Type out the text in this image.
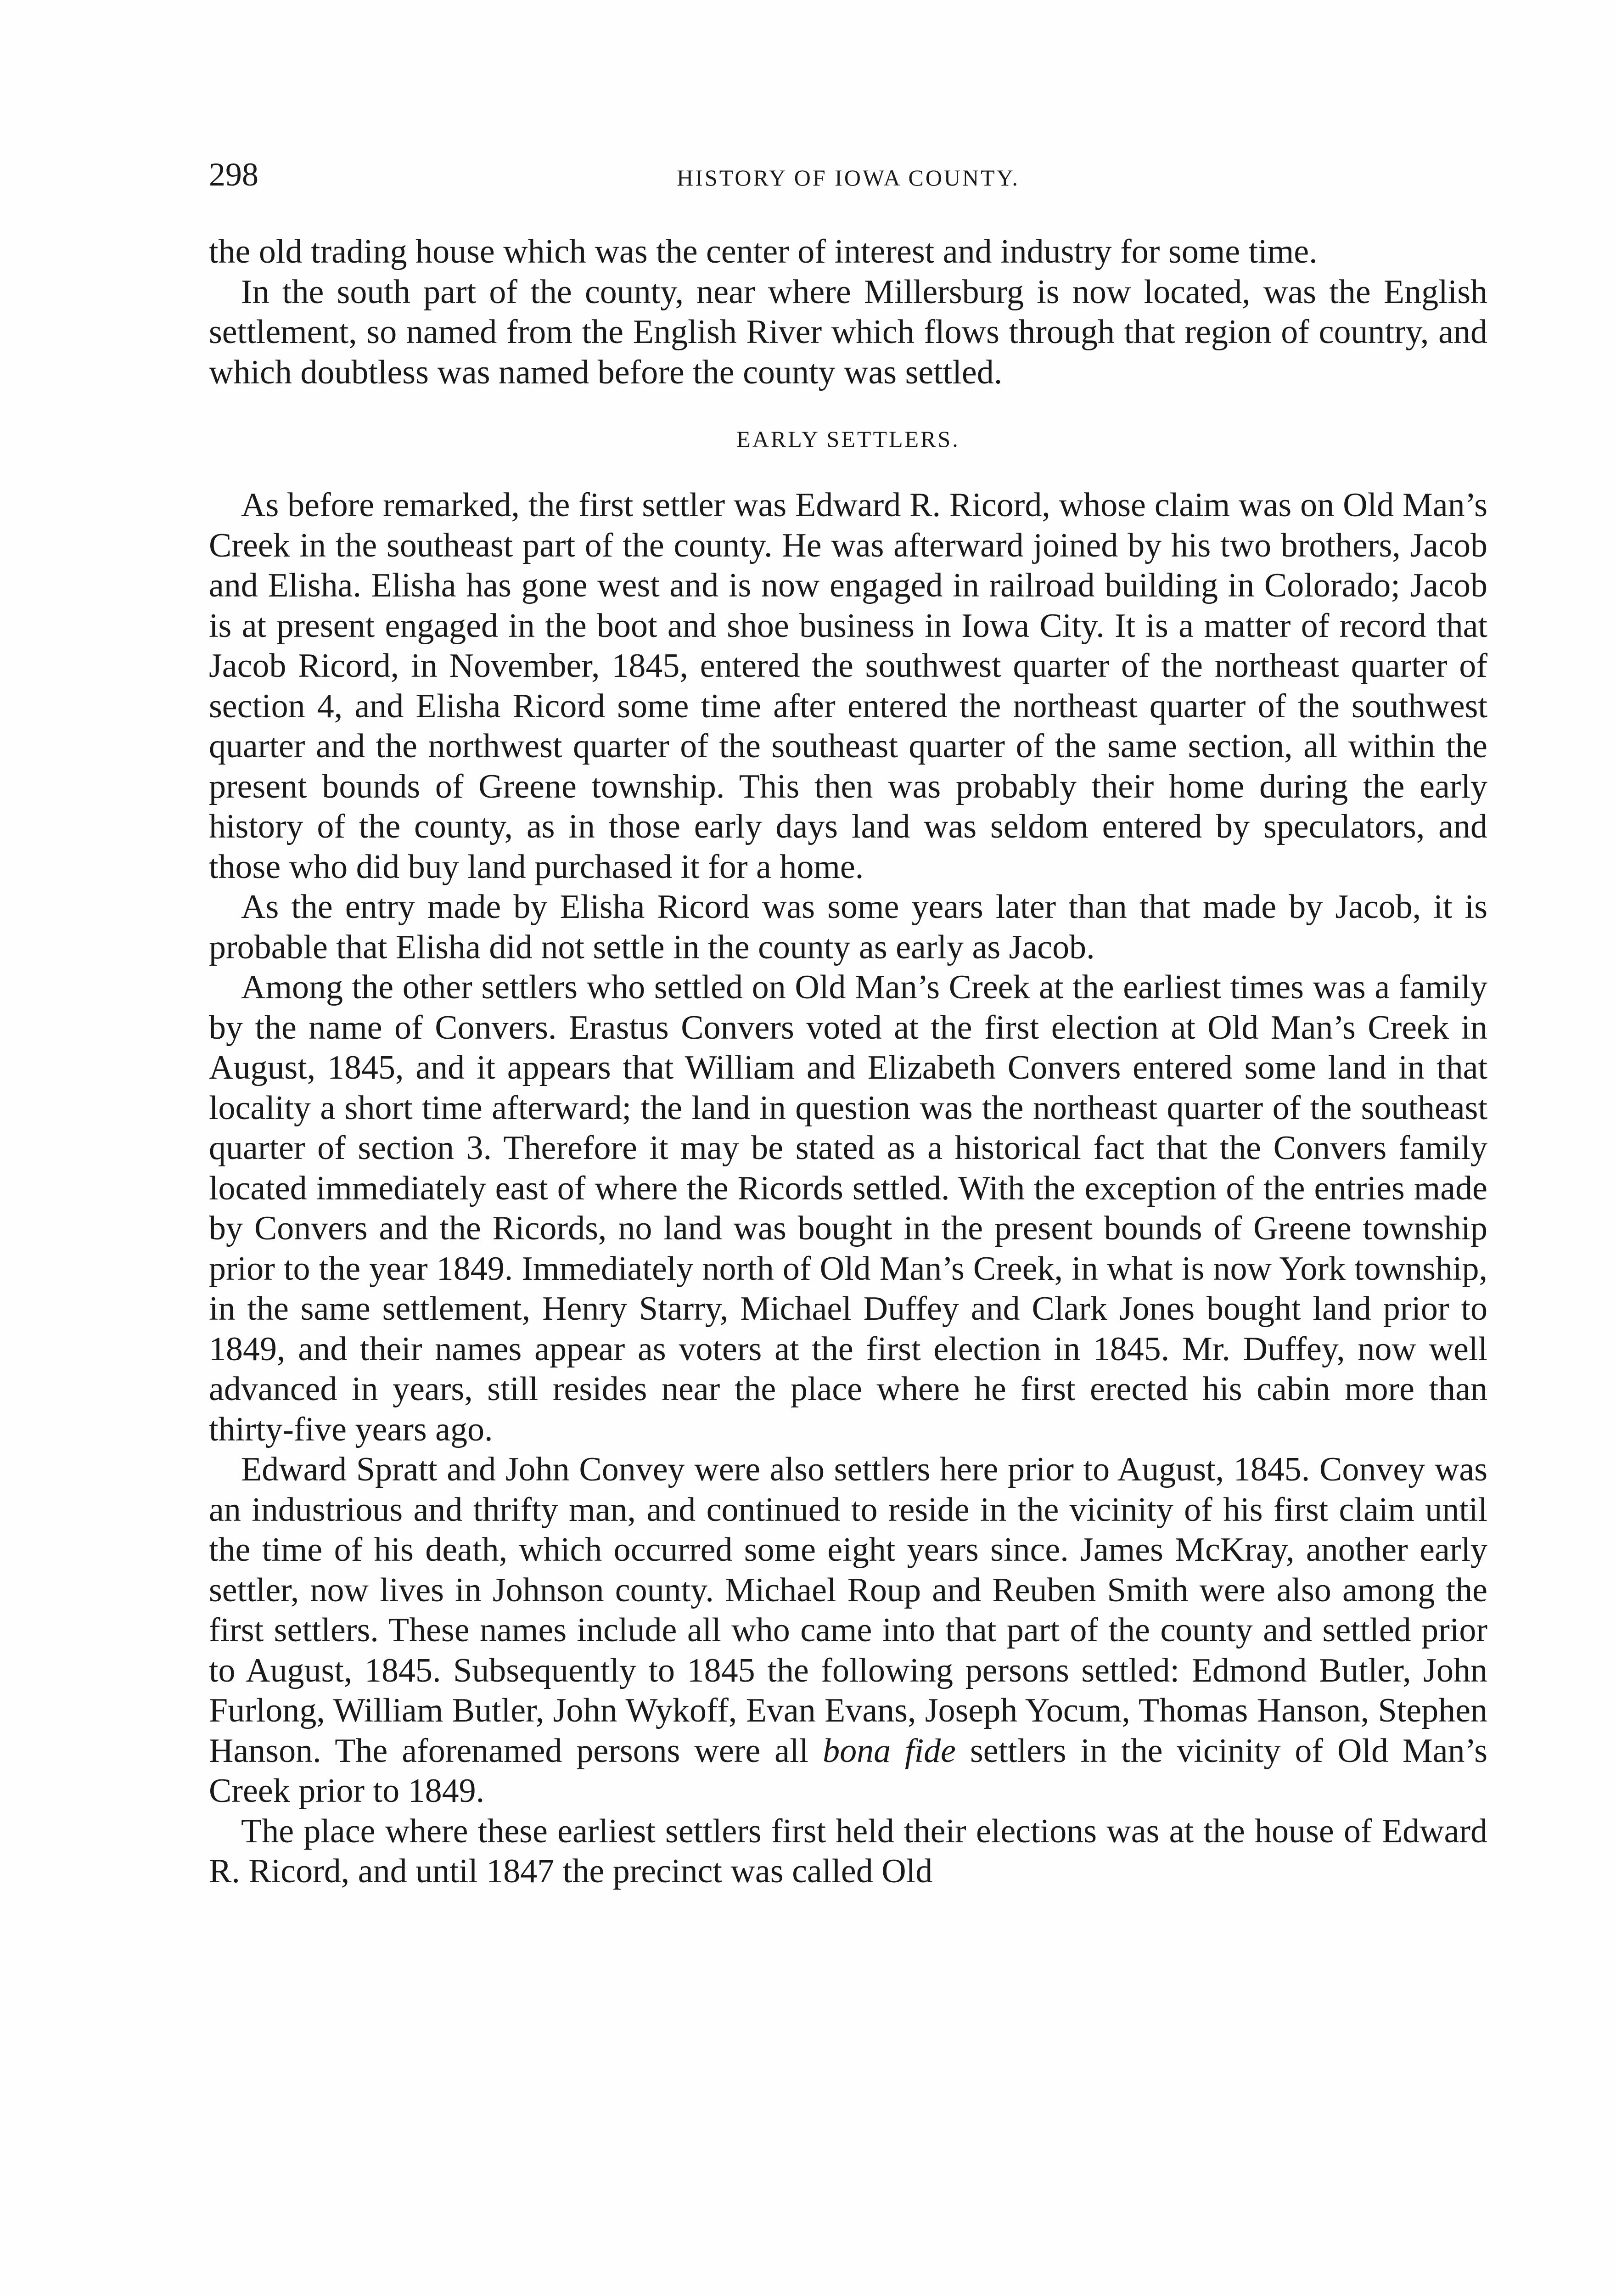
298	HISTORY OF IOWA COUNTY.

the old trading house which was the center of interest and industry for some time.

In the south part of the county, near where Millersburg is now located, was the English settlement, so named from the English River which flows through that region of country, and which doubtless was named before the county was settled.

EARLY SETTLERS.

As before remarked, the first settler was Edward R. Ricord, whose claim was on Old Man’s Creek in the southeast part of the county. He was afterward joined by his two brothers, Jacob and Elisha. Elisha has gone west and is now engaged in railroad building in Colorado; Jacob is at present engaged in the boot and shoe business in Iowa City. It is a matter of record that Jacob Ricord, in November, 1845, entered the southwest quarter of the northeast quarter of section 4, and Elisha Ricord some time after entered the northeast quarter of the southwest quarter and the northwest quarter of the southeast quarter of the same section, all within the present bounds of Greene township. This then was probably their home during the early history of the county, as in those early days land was seldom entered by speculators, and those who did buy land purchased it for a home.

As the entry made by Elisha Ricord was some years later than that made by Jacob, it is probable that Elisha did not settle in the county as early as Jacob.

Among the other settlers who settled on Old Man’s Creek at the earliest times was a family by the name of Convers. Erastus Convers voted at the first election at Old Man’s Creek in August, 1845, and it appears that William and Elizabeth Convers entered some land in that locality a short time afterward; the land in question was the northeast quarter of the southeast quarter of section 3. Therefore it may be stated as a historical fact that the Convers family located immediately east of where the Ricords settled. With the exception of the entries made by Convers and the Ricords, no land was bought in the present bounds of Greene township prior to the year 1849. Immediately north of Old Man’s Creek, in what is now York township, in the same settlement, Henry Starry, Michael Duffey and Clark Jones bought land prior to 1849, and their names appear as voters at the first election in 1845. Mr. Duffey, now well advanced in years, still resides near the place where he first erected his cabin more than thirty-five years ago.

Edward Spratt and John Convey were also settlers here prior to August, 1845. Convey was an industrious and thrifty man, and continued to reside in the vicinity of his first claim until the time of his death, which occurred some eight years since. James McKray, another early settler, now lives in Johnson county. Michael Roup and Reuben Smith were also among the first settlers. These names include all who came into that part of the county and settled prior to August, 1845. Subsequently to 1845 the following persons settled: Edmond Butler, John Furlong, William Butler, John Wykoff, Evan Evans, Joseph Yocum, Thomas Hanson, Stephen Hanson. The aforenamed persons were all bona fide settlers in the vicinity of Old Man’s Creek prior to 1849.

The place where these earliest settlers first held their elections was at the house of Edward R. Ricord, and until 1847 the precinct was called Old
